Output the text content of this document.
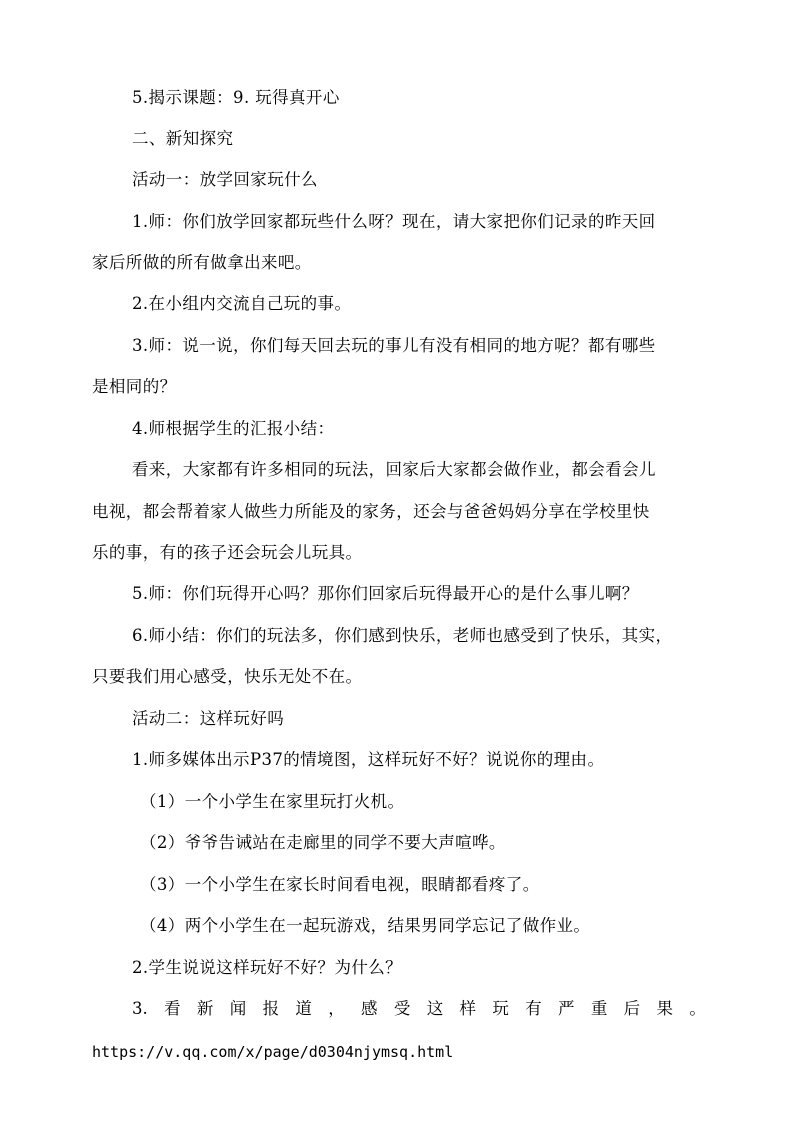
5.揭示课题：9. 玩得真开心
二、新知探究
活动一：放学回家玩什么
1.师：你们放学回家都玩些什么呀？现在，请大家把你们记录的昨天回
家后所做的所有做拿出来吧。
2.在小组内交流自己玩的事。
3.师：说一说，你们每天回去玩的事儿有没有相同的地方呢？都有哪些
是相同的？
4.师根据学生的汇报小结：
看来，大家都有许多相同的玩法，回家后大家都会做作业，都会看会儿
电视，都会帮着家人做些力所能及的家务，还会与爸爸妈妈分享在学校里快
乐的事，有的孩子还会玩会儿玩具。
5.师：你们玩得开心吗？那你们回家后玩得最开心的是什么事儿啊？
6.师小结：你们的玩法多，你们感到快乐，老师也感受到了快乐，其实，
只要我们用心感受，快乐无处不在。
活动二：这样玩好吗
1.师多媒体出示P37的情境图，这样玩好不好？说说你的理由。
（1）一个小学生在家里玩打火机。
（2）爷爷告诫站在走廊里的同学不要大声喧哗。
（3）一个小学生在家长时间看电视，眼睛都看疼了。
（4）两个小学生在一起玩游戏，结果男同学忘记了做作业。
2.学生说说这样玩好不好？为什么？
3. 看 新 闻 报 道 ， 感 受 这 样 玩 有 严 重 后 果 。
https://v.qq.com/x/page/d0304njymsq.html
